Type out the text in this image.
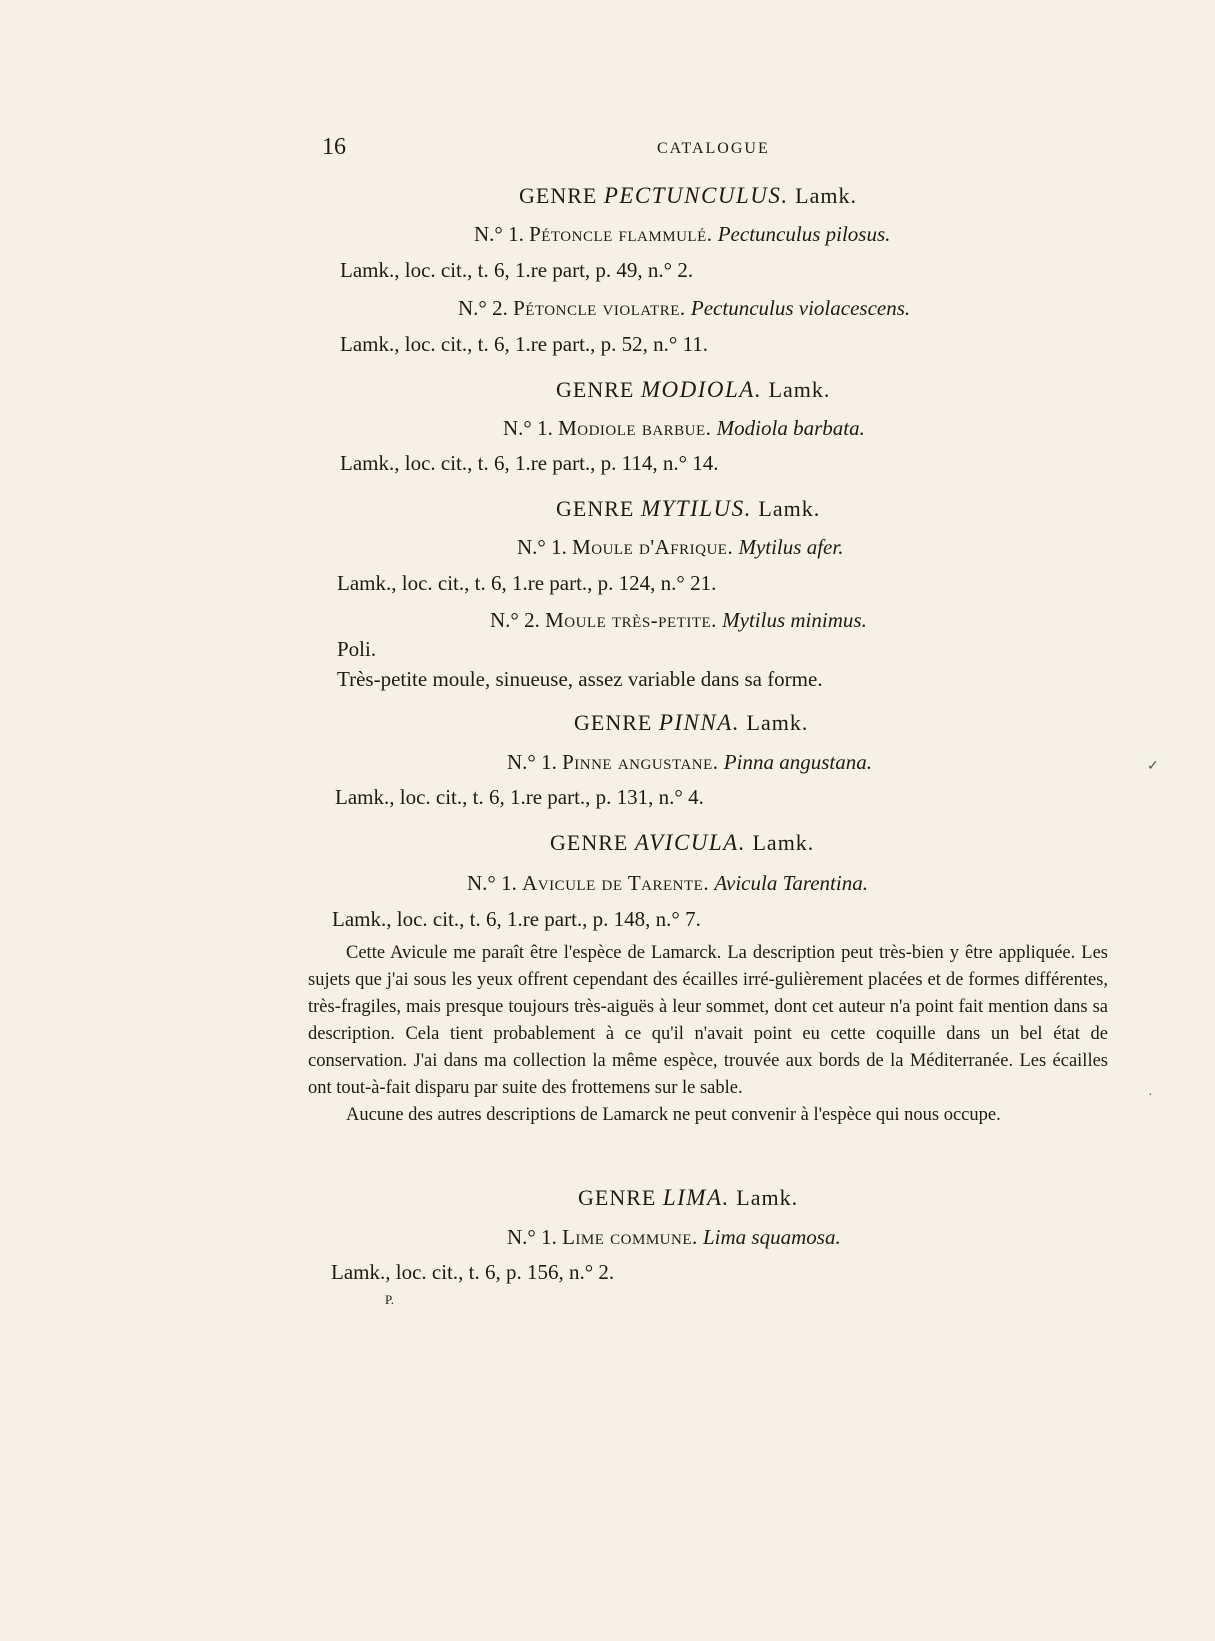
16	CATALOGUE
GENRE PECTUNCULUS. Lamk.
N.° 1. Pétoncle flammulé. Pectunculus pilosus.
Lamk., loc. cit., t. 6, 1.re part, p. 49, n.° 2.
N.° 2. Pétoncle violatre. Pectunculus violacescens.
Lamk., loc. cit., t. 6, 1.re part., p. 52, n.° 11.
GENRE MODIOLA. Lamk.
N.° 1. Modiole barbue. Modiola barbata.
Lamk., loc. cit., t. 6, 1.re part., p. 114, n.° 14.
GENRE MYTILUS. Lamk.
N.° 1. Moule d'Afrique. Mytilus afer.
Lamk., loc. cit., t. 6, 1.re part., p. 124, n.° 21.
N.° 2. Moule très-petite. Mytilus minimus.
Poli.
Très-petite moule, sinueuse, assez variable dans sa forme.
GENRE PINNA. Lamk.
N.° 1. Pinne angustane. Pinna angustana.
Lamk., loc. cit., t. 6, 1.re part., p. 131, n.° 4.
GENRE AVICULA. Lamk.
N.° 1. Avicule de Tarente. Avicula Tarentina.
Lamk., loc. cit., t. 6, 1.re part., p. 148, n.° 7.

Cette Avicule me paraît être l'espèce de Lamarck. La description peut très-bien y être appliquée. Les sujets que j'ai sous les yeux offrent cependant des écailles irré-gulièrement placées et de formes différentes, très-fragiles, mais presque toujours très-aiguës à leur sommet, dont cet auteur n'a point fait mention dans sa description. Cela tient probablement à ce qu'il n'avait point eu cette coquille dans un bel état de conservation. J'ai dans ma collection la même espèce, trouvée aux bords de la Méditerranée. Les écailles ont tout-à-fait disparu par suite des frottemens sur le sable.

Aucune des autres descriptions de Lamarck ne peut convenir à l'espèce qui nous occupe.

GENRE LIMA. Lamk.
N.° 1. Lime commune. Lima squamosa.
Lamk., loc. cit., t. 6, p. 156, n.° 2.
P.
✓
·
